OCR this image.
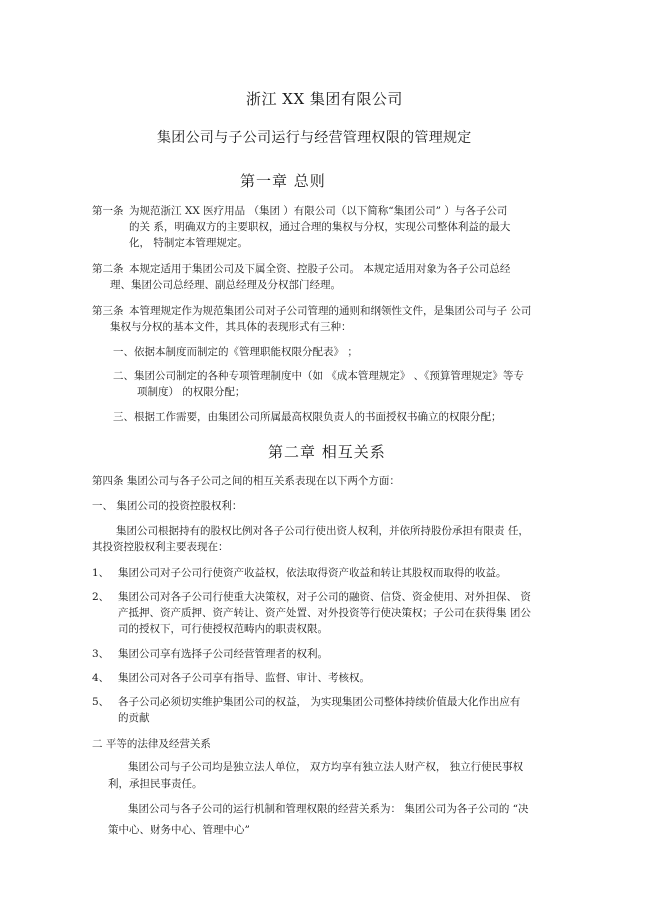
浙江 XX 集团有限公司
集团公司与子公司运行与经营管理权限的管理规定
第一章 总则
第一条 为规范浙江 XX 医疗用品 （集团 ）有限公司（以下简称“集团公司” ）与各子公司
的关 系，明确双方的主要职权，通过合理的集权与分权，实现公司整体利益的最大
化， 特制定本管理规定。
第二条 本规定适用于集团公司及下属全资、控股子公司。 本规定适用对象为各子公司总经
理、集团公司总经理、副总经理及分权部门经理。
第三条 本管理规定作为规范集团公司对子公司管理的通则和纲领性文件，是集团公司与子 公司
集权与分权的基本文件，其具体的表现形式有三种：
一、依据本制度而制定的《管理职能权限分配表》 ；
二、集团公司制定的各种专项管理制度中（如 《成本管理规定》 、《预算管理规定》等专
项制度） 的权限分配；
三、根据工作需要，由集团公司所属最高权限负责人的书面授权书确立的权限分配；
第二章 相互关系
第四条 集团公司与各子公司之间的相互关系表现在以下两个方面：
一、 集团公司的投资控股权利：
集团公司根据持有的股权比例对各子公司行使出资人权利，并依所持股份承担有限责 任，
其投资控股权利主要表现在：
1、 集团公司对子公司行使资产收益权，依法取得资产收益和转让其股权而取得的收益。
2、 集团公司对各子公司行使重大决策权，对子公司的融资、信贷、资金使用、对外担保、 资
产抵押、资产质押、资产转让、资产处置、对外投资等行使决策权；子公司在获得集 团公
司的授权下，可行使授权范畴内的职责权限。
3、 集团公司享有选择子公司经营管理者的权利。
4、 集团公司对各子公司享有指导、监督、审计、考核权。
5、 各子公司必须切实维护集团公司的权益， 为实现集团公司整体持续价值最大化作出应有
的贡献
二 平等的法律及经营关系
集团公司与子公司均是独立法人单位， 双方均享有独立法人财产权， 独立行使民事权
利，承担民事责任。
集团公司与各子公司的运行机制和管理权限的经营关系为： 集团公司为各子公司的 “决
策中心、财务中心、管理中心”
